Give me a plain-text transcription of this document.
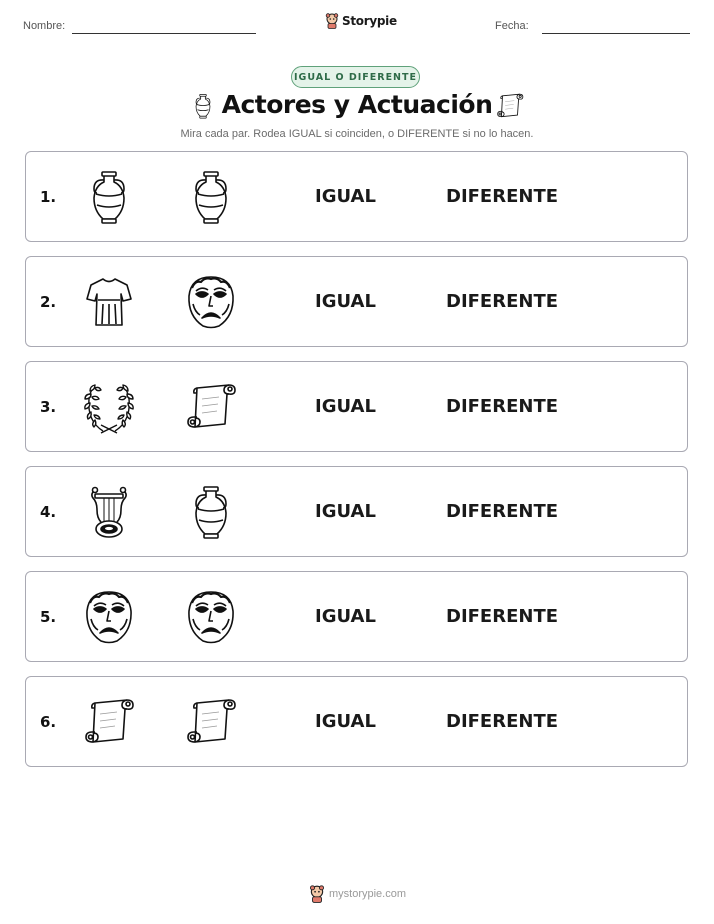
Nombre:	Storypie	Fecha:
IGUAL O DIFERENTE
Actores y Actuación
Mira cada par. Rodea IGUAL si coinciden, o DIFERENTE si no lo hacen.
1.	IGUAL	DIFERENTE
2.	IGUAL	DIFERENTE
3.	IGUAL	DIFERENTE
4.	IGUAL	DIFERENTE
5.	IGUAL	DIFERENTE
6.	IGUAL	DIFERENTE
mystorypie.com
